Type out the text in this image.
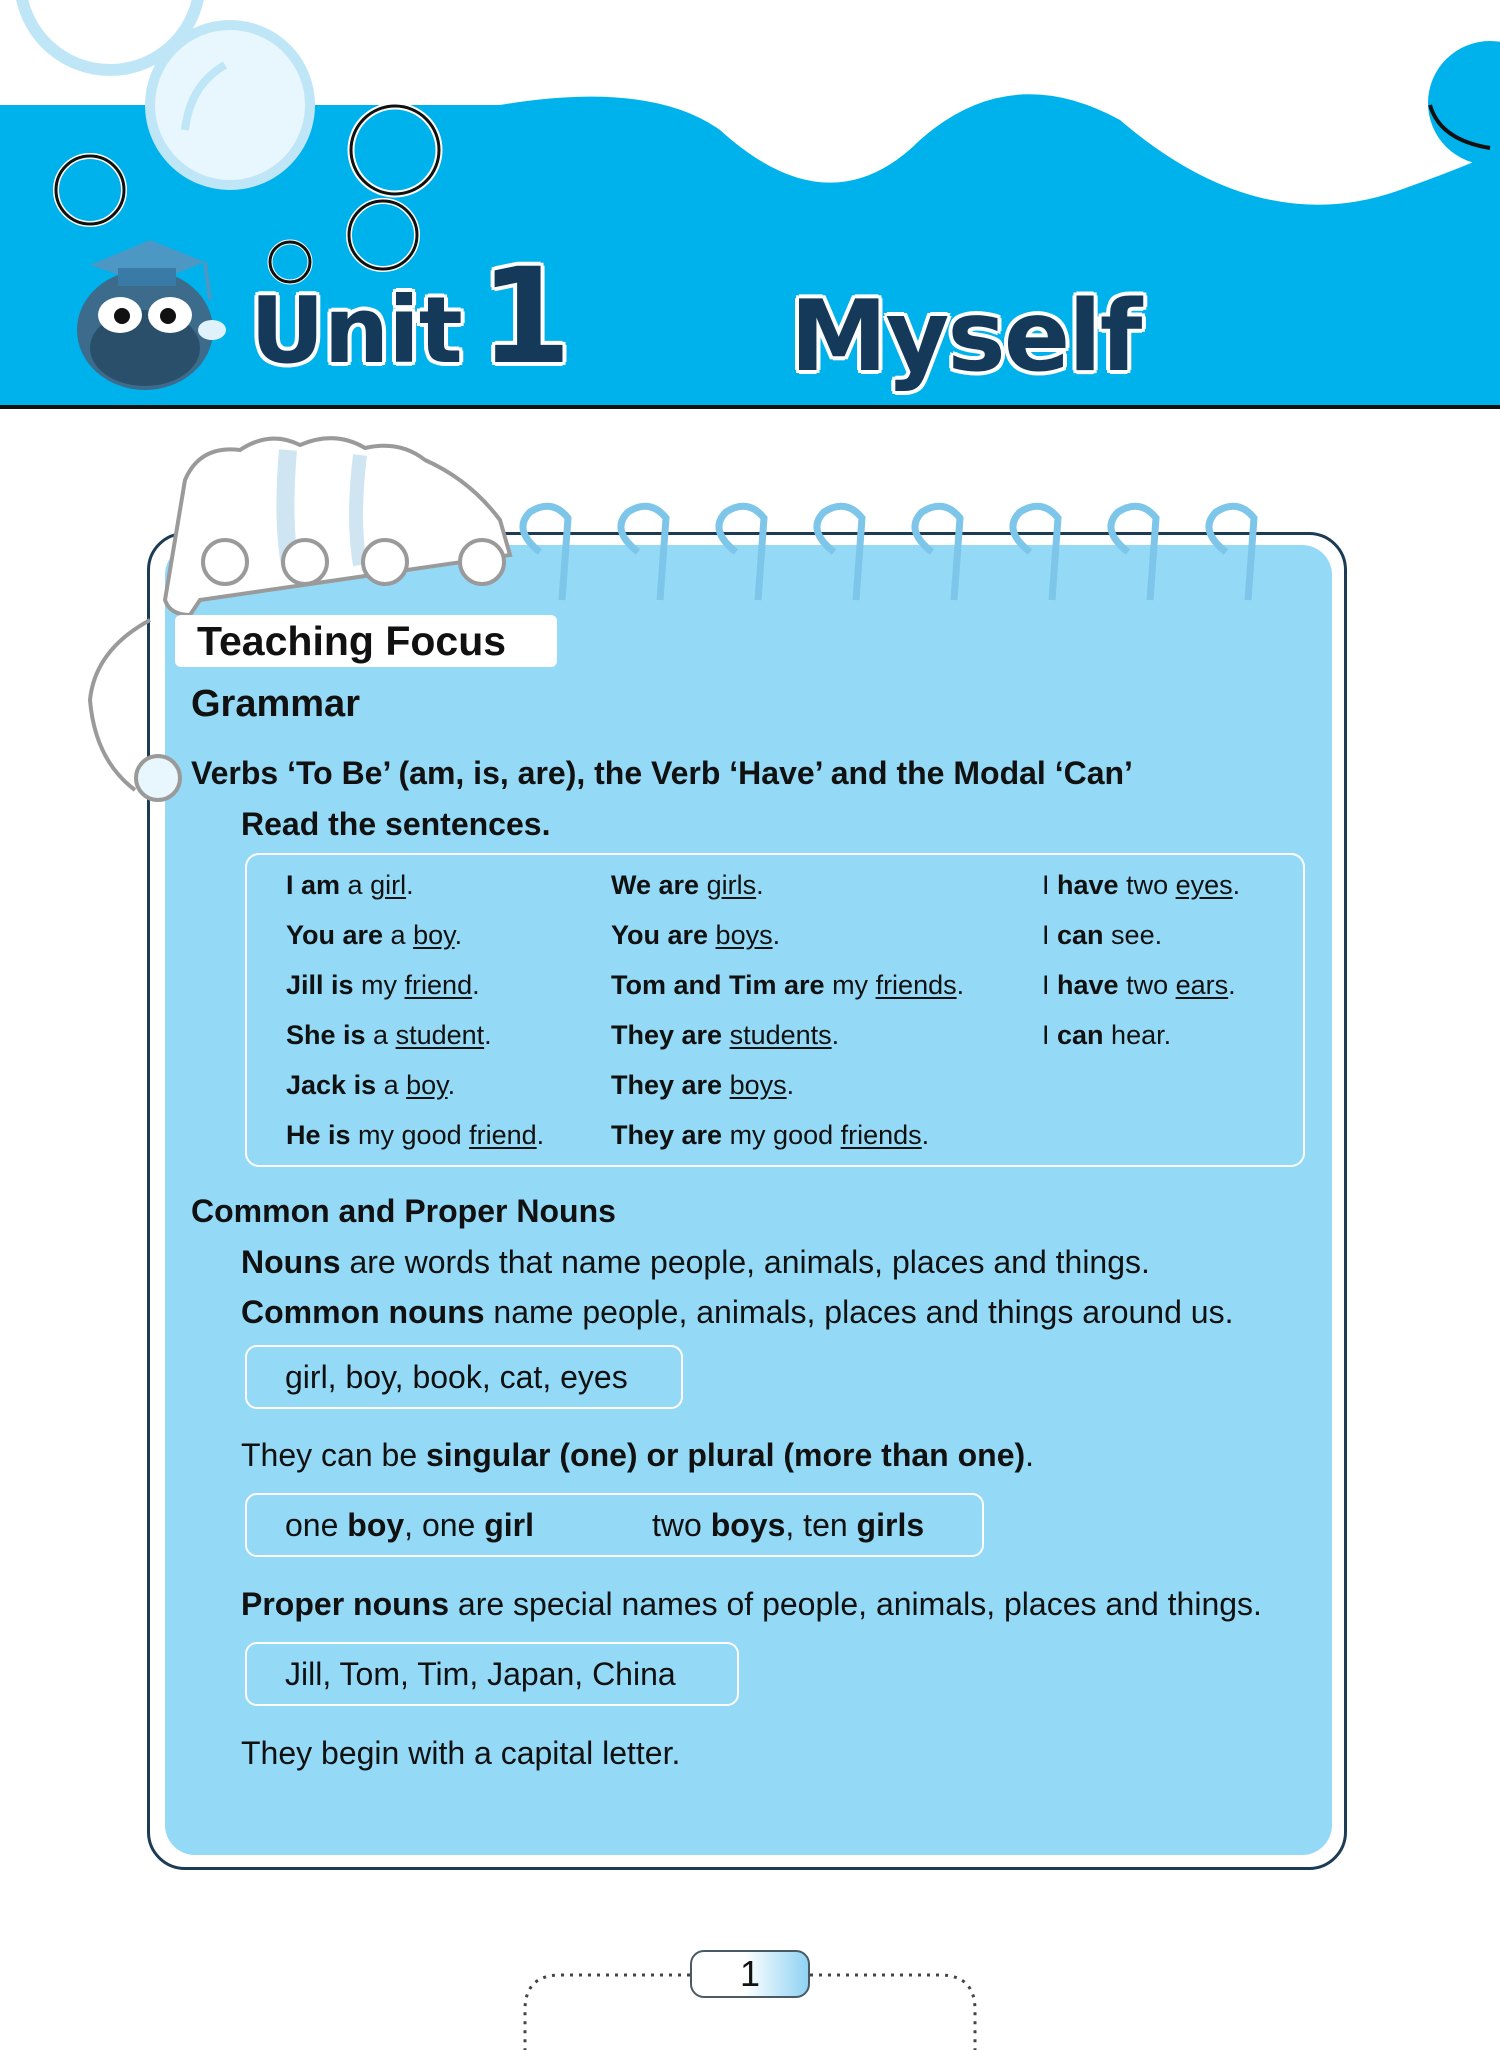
Unit 1 Myself
Teaching Focus
Grammar
Verbs ‘To Be’ (am, is, are), the Verb ‘Have’ and the Modal ‘Can’
Read the sentences.
I am a girl.
You are a boy.
Jill is my friend.
She is a student.
Jack is a boy.
He is my good friend.
We are girls.
You are boys.
Tom and Tim are my friends.
They are students.
They are boys.
They are my good friends.
I have two eyes.
I can see.
I have two ears.
I can hear.
Common and Proper Nouns
Nouns are words that name people, animals, places and things.
Common nouns name people, animals, places and things around us.
girl, boy, book, cat, eyes
They can be singular (one) or plural (more than one).
one boy, one girl	two boys, ten girls
Proper nouns are special names of people, animals, places and things.
Jill, Tom, Tim, Japan, China
They begin with a capital letter.
1
